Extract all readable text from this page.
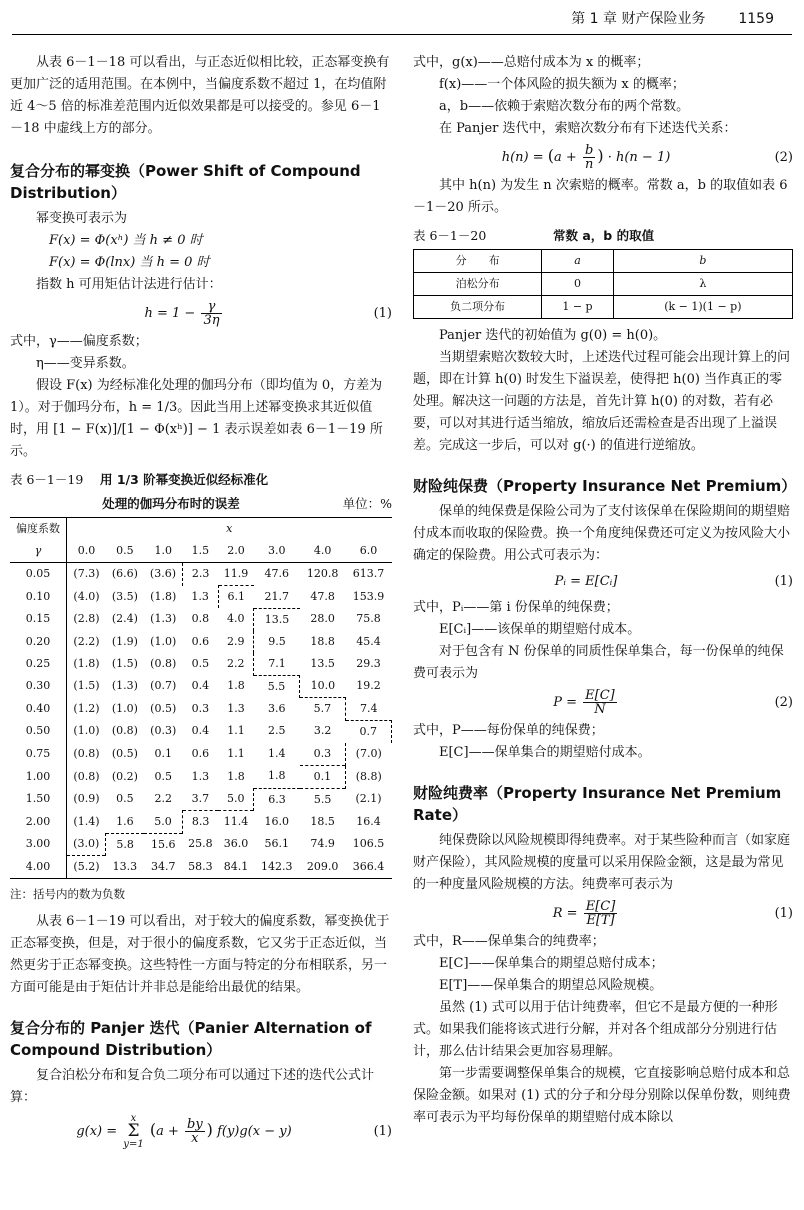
第 1 章 财产保险业务 1159

从表 6－1－18 可以看出，与正态近似相比较，正态幂变换有更加广泛的适用范围。在本例中，当偏度系数不超过 1，在均值附近 4～5 倍的标准差范围内近似效果都是可以接受的。参见 6－1－18 中虚线上方的部分。

复合分布的幂变换（Power Shift of Compound Distribution）

幂变换可表示为

F(x) = Φ(xʰ) 当 h ≠ 0 时

F(x) = Φ(lnx) 当 h = 0 时

指数 h 可用矩估计法进行估计：

$h = 1 - \frac{\gamma}{3\eta}$	(1)

式中，γ——偏度系数；

η——变异系数。

假设 F(x) 为经标准化处理的伽玛分布（即均值为 0，方差为 1）。对于伽玛分布，h = 1/3。因此当用上述幂变换求其近似值时，用 [1 − F(x)]/[1 − Φ(xʰ)] − 1 表示误差如表 6－1－19 所示。

表 6－1－19	用 1/3 阶幂变换近似经标准化
处理的伽玛分布时的误差	单位：%
偏度系数	x							
γ	0.0	0.5	1.0	1.5	2.0	3.0	4.0	6.0
0.05	(7.3)	(6.6)	(3.6)	2.3	11.9	47.6	120.8	613.7
0.10	(4.0)	(3.5)	(1.8)	1.3	6.1	21.7	47.8	153.9
0.15	(2.8)	(2.4)	(1.3)	0.8	4.0	13.5	28.0	75.8
0.20	(2.2)	(1.9)	(1.0)	0.6	2.9	9.5	18.8	45.4
0.25	(1.8)	(1.5)	(0.8)	0.5	2.2	7.1	13.5	29.3
0.30	(1.5)	(1.3)	(0.7)	0.4	1.8	5.5	10.0	19.2
0.40	(1.2)	(1.0)	(0.5)	0.3	1.3	3.6	5.7	7.4
0.50	(1.0)	(0.8)	(0.3)	0.4	1.1	2.5	3.2	0.7
0.75	(0.8)	(0.5)	0.1	0.6	1.1	1.4	0.3	(7.0)
1.00	(0.8)	(0.2)	0.5	1.3	1.8	1.8	0.1	(8.8)
1.50	(0.9)	0.5	2.2	3.7	5.0	6.3	5.5	(2.1)
2.00	(1.4)	1.6	5.0	8.3	11.4	16.0	18.5	16.4
3.00	(3.0)	5.8	15.6	25.8	36.0	56.1	74.9	106.5
4.00	(5.2)	13.3	34.7	58.3	84.1	142.3	209.0	366.4
注：括号内的数为负数

从表 6－1－19 可以看出，对于较大的偏度系数，幂变换优于正态幂变换，但是，对于很小的偏度系数，它又劣于正态近似，当然更劣于正态幂变换。这些特性一方面与特定的分布相联系，另一方面可能是由于矩估计并非总是能给出最优的结果。

复合分布的 Panjer 迭代（Panier Alternation of Compound Distribution）

复合泊松分布和复合负二项分布可以通过下述的迭代公式计算：

g(x) =
x
Σ
y=1
($a + \frac{by}{x}$ ) f(y)g(x − y)	(1)

式中，g(x)——总赔付成本为 x 的概率；

f(x)——一个体风险的损失额为 x 的概率；

a，b——依赖于索赔次数分布的两个常数。

在 Panjer 迭代中，索赔次数分布有下述迭代关系：

$h(n) = (a + \frac{b}{n}$ ) · h(n − 1)	(2)

其中 h(n) 为发生 n 次索赔的概率。常数 a，b 的取值如表 6－1－20 所示。

表 6－1－20	常数 a，b 的取值
分　　布	a	b
泊松分布	0	λ
负二项分布	1 − p	(k − 1)(1 − p)

Panjer 迭代的初始值为 g(0) = h(0)。

当期望索赔次数较大时，上述迭代过程可能会出现计算上的问题，即在计算 h(0) 时发生下溢误差，使得把 h(0) 当作真正的零处理。解决这一问题的方法是，首先计算 h(0) 的对数，若有必要，可以对其进行适当缩放，缩放后还需检查是否出现了上溢误差。完成这一步后，可以对 g(·) 的值进行逆缩放。

财险纯保费（Property Insurance Net Premium）

保单的纯保费是保险公司为了支付该保单在保险期间的期望赔付成本而收取的保险费。换一个角度纯保费还可定义为按风险大小确定的保险费。用公式可表示为：

Pᵢ = E[Cᵢ]	(1)

式中，Pᵢ——第 i 份保单的纯保费；

E[Cᵢ]——该保单的期望赔付成本。

对于包含有 N 份保单的同质性保单集合，每一份保单的纯保费可表示为

$P = \frac{E[C]}{N}$	(2)

式中，P——每份保单的纯保费；

E[C]——保单集合的期望赔付成本。

财险纯费率（Property Insurance Net Premium Rate）

纯保费除以风险规模即得纯费率。对于某些险种而言（如家庭财产保险），其风险规模的度量可以采用保险金额，这是最为常见的一种度量风险规模的方法。纯费率可表示为

$R = \frac{E[C]}{E[T]}$	(1)

式中，R——保单集合的纯费率；

E[C]——保单集合的期望总赔付成本；

E[T]——保单集合的期望总风险规模。

虽然 (1) 式可以用于估计纯费率，但它不是最方便的一种形式。如果我们能将该式进行分解，并对各个组成部分分别进行估计，那么估计结果会更加容易理解。

第一步需要调整保单集合的规模，它直接影响总赔付成本和总保险金额。如果对 (1) 式的分子和分母分别除以保单份数，则纯费率可表示为平均每份保单的期望赔付成本除以
